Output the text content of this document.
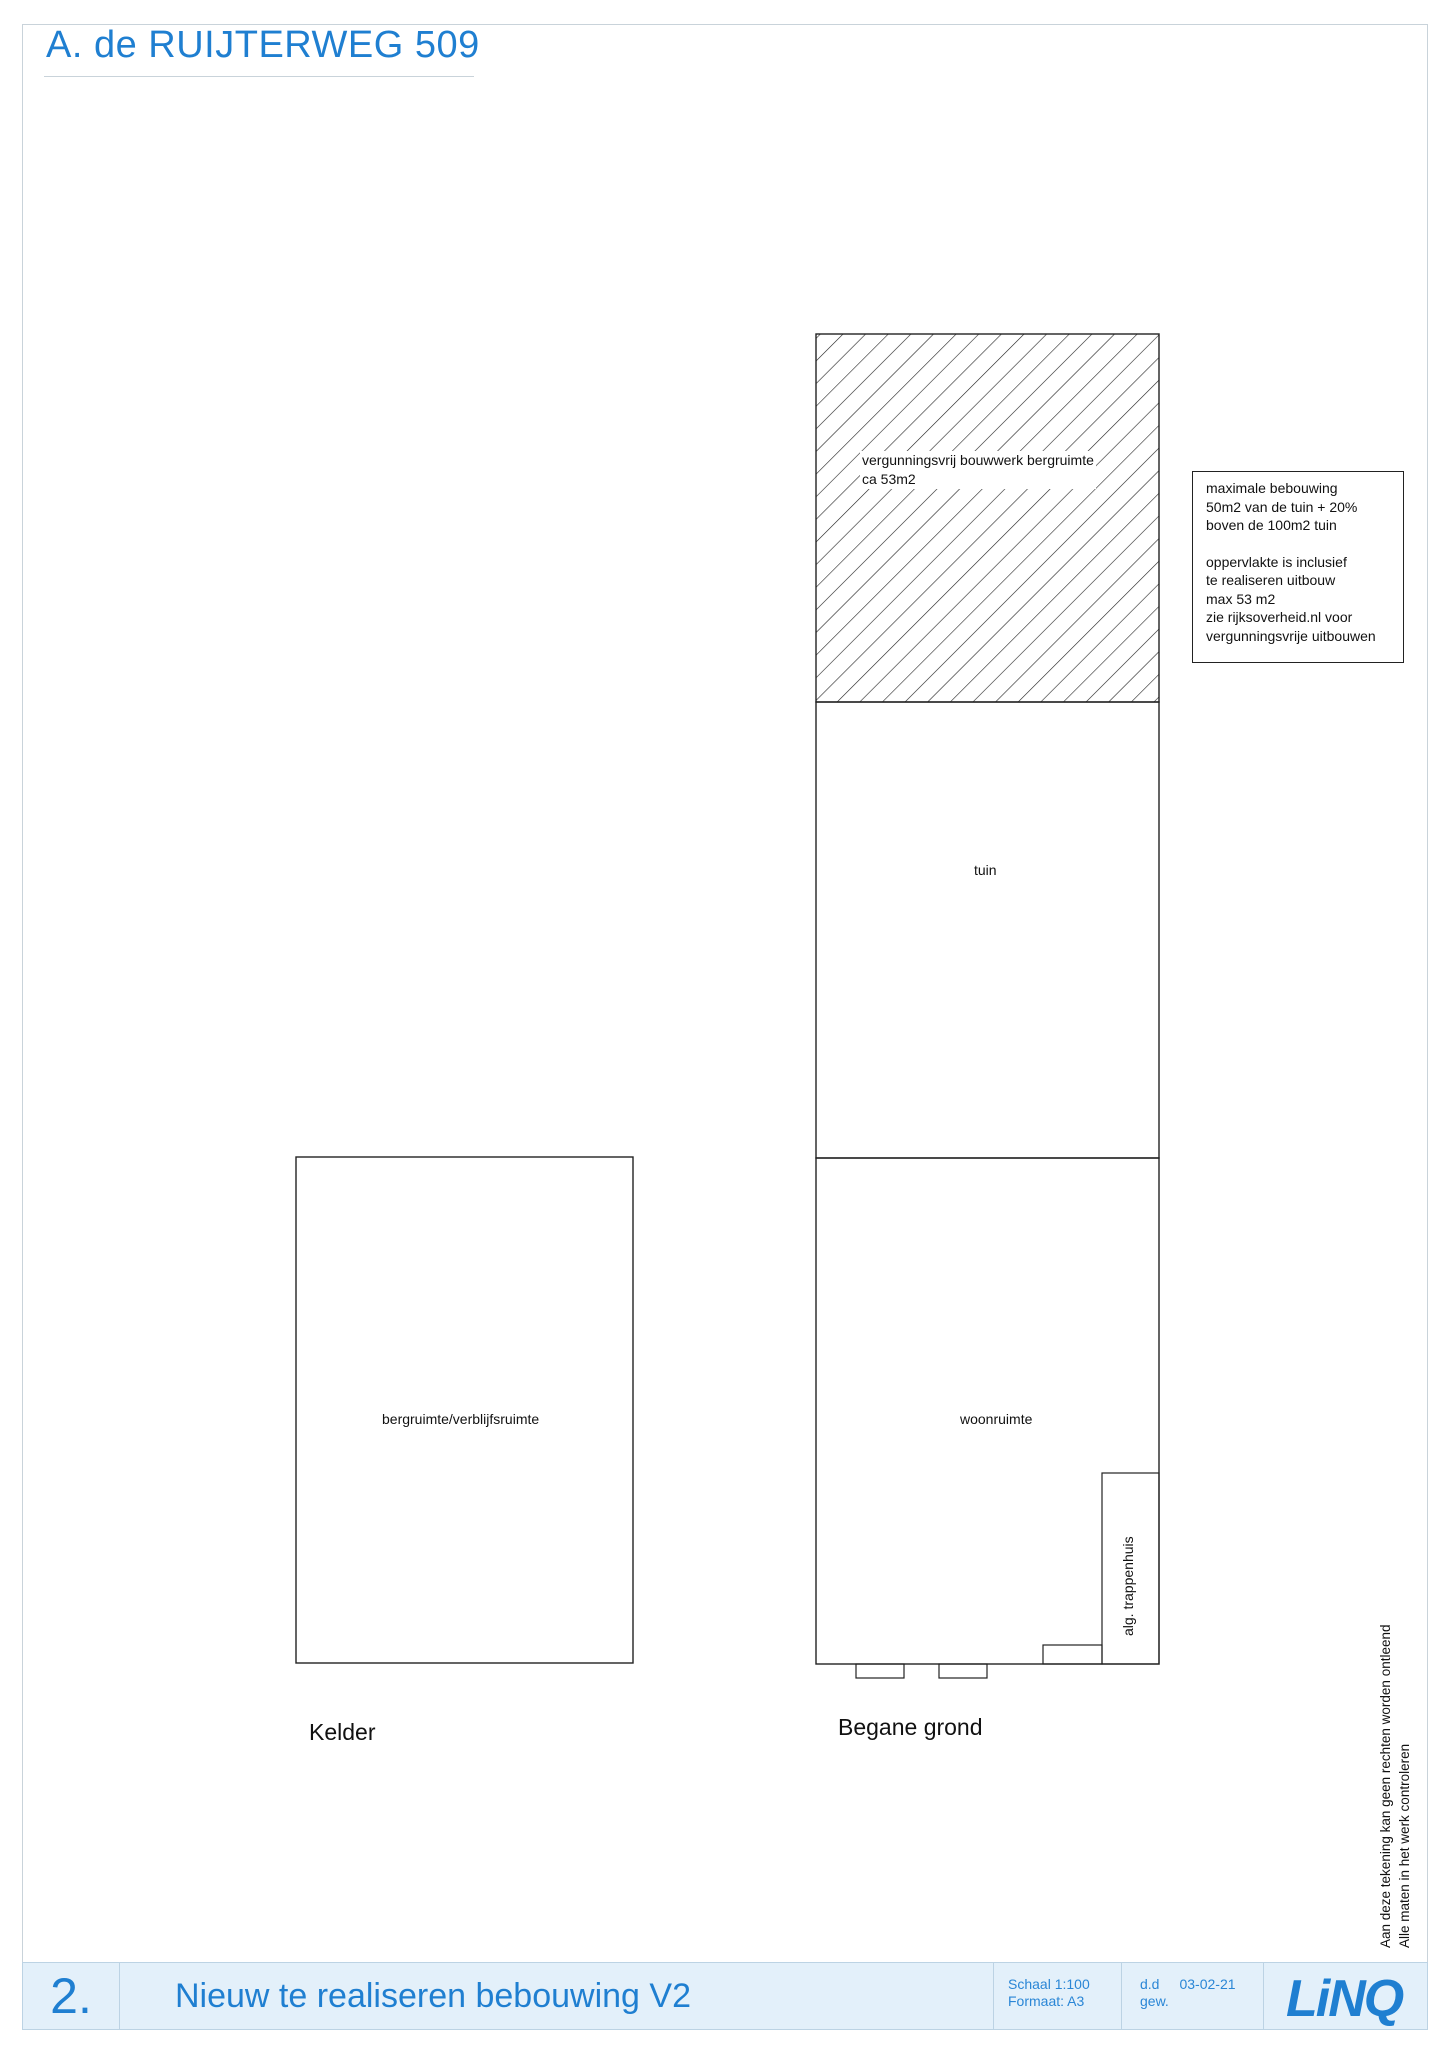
A. de RUIJTERWEG 509
vergunningsvrij bouwwerk bergruimte
ca 53m2
tuin
woonruimte
bergruimte/verblijfsruimte
alg. trappenhuis
Kelder	Begane grond
maximale bebouwing
50m2 van de tuin + 20%
boven de 100m2 tuin
oppervlakte is inclusief
te realiseren uitbouw
max 53 m2
zie rijksoverheid.nl voor
vergunningsvrije uitbouwen
Aan deze tekening kan geen rechten worden ontleend Alle maten in het werk controleren
2.	Nieuw te realiseren bebouwing V2	Schaal 1:100
Formaat: A3
d.d 03-02-21
gew.	LiNQ
